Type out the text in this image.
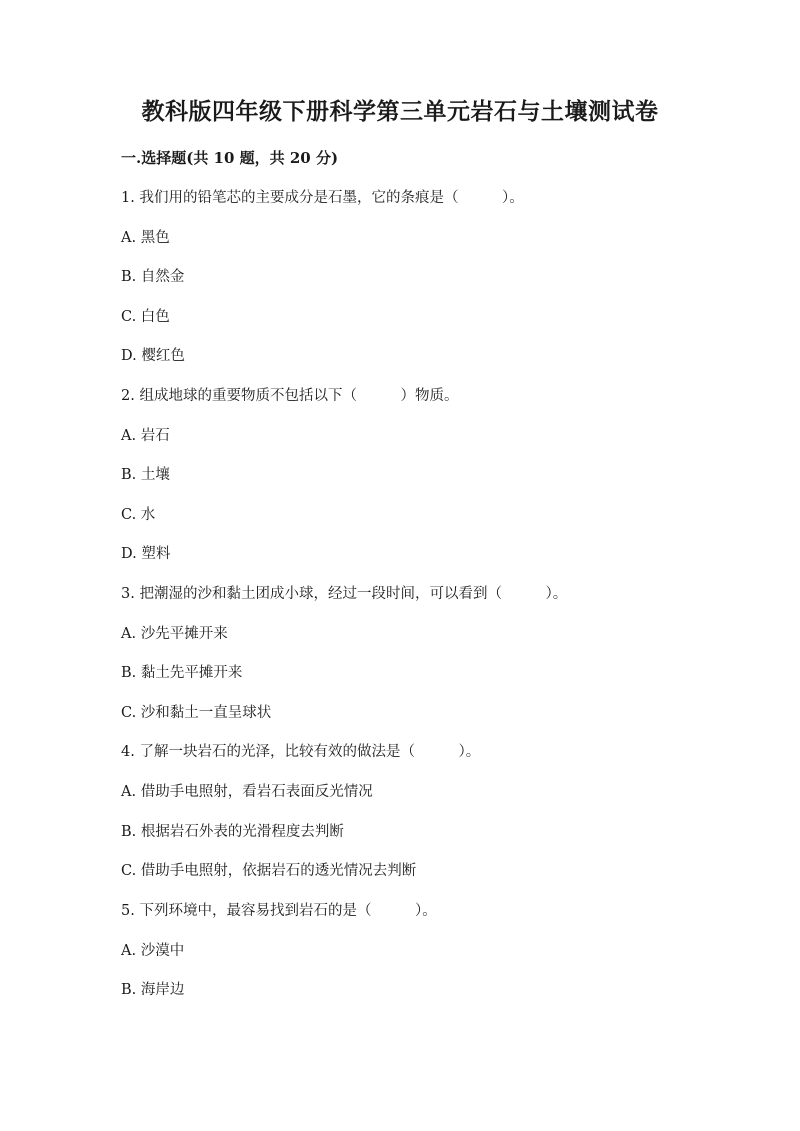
教科版四年级下册科学第三单元岩石与土壤测试卷
一.选择题(共 10 题，共 20 分)
1. 我们用的铅笔芯的主要成分是石墨，它的条痕是（　　　）。
A. 黑色
B. 自然金
C. 白色
D. 樱红色
2. 组成地球的重要物质不包括以下（　　　）物质。
A. 岩石
B. 土壤
C. 水
D. 塑料
3. 把潮湿的沙和黏土团成小球，经过一段时间，可以看到（　　　）。
A. 沙先平摊开来
B. 黏土先平摊开来
C. 沙和黏土一直呈球状
4. 了解一块岩石的光泽，比较有效的做法是（　　　）。
A. 借助手电照射，看岩石表面反光情况
B. 根据岩石外表的光滑程度去判断
C. 借助手电照射，依据岩石的透光情况去判断
5. 下列环境中，最容易找到岩石的是（　　　）。
A. 沙漠中
B. 海岸边
